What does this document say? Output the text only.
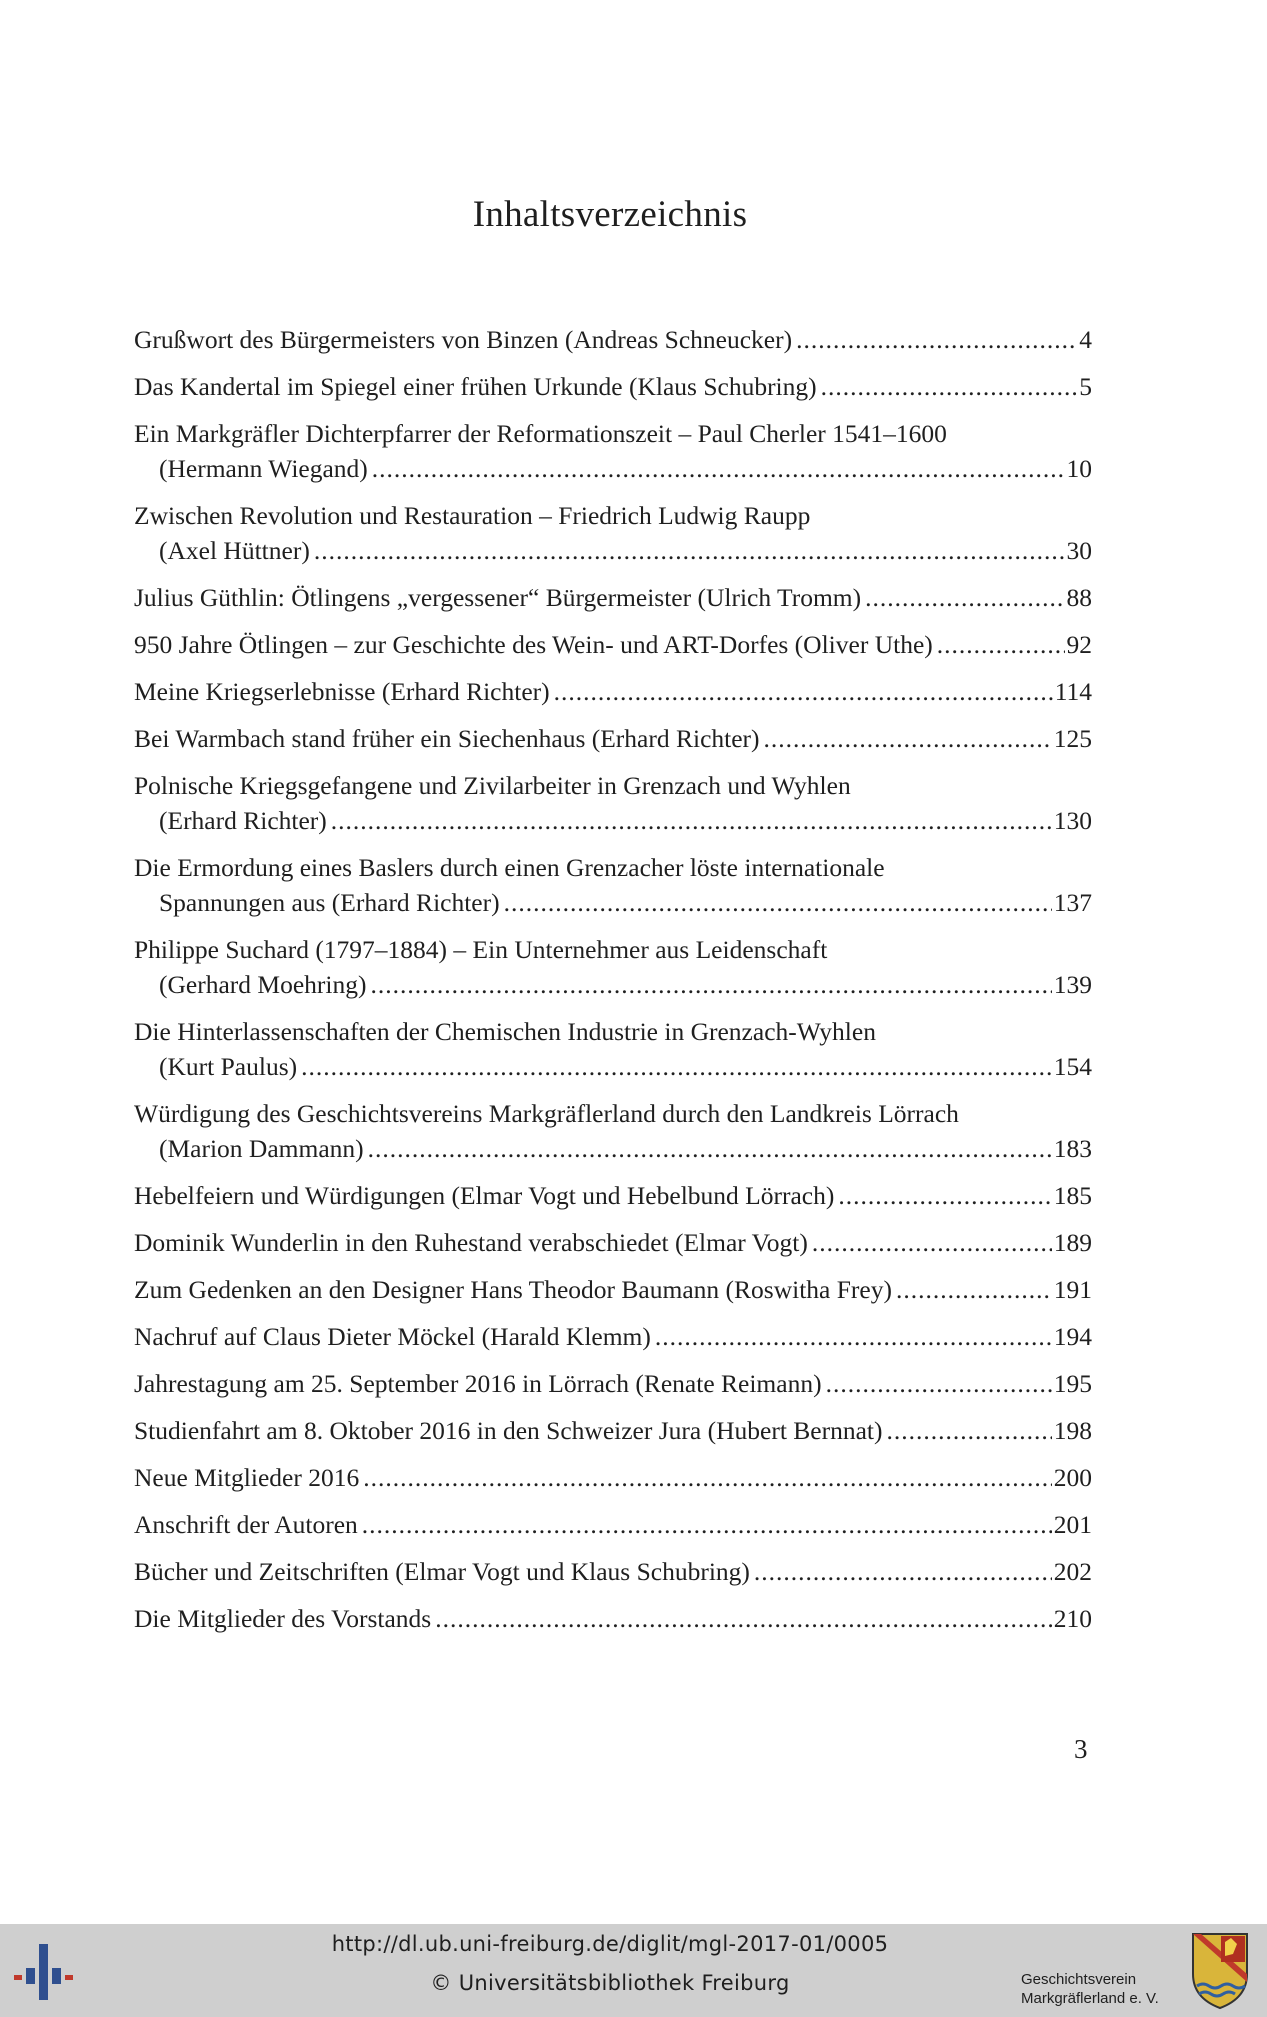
Inhaltsverzeichnis
Grußwort des Bürgermeisters von Binzen (Andreas Schneucker) .....	4
Das Kandertal im Spiegel einer frühen Urkunde (Klaus Schubring) .....	5
Ein Markgräfler Dichterpfarrer der Reformationszeit – Paul Cherler 1541–1600
(Hermann Wiegand) .....	10
Zwischen Revolution und Restauration – Friedrich Ludwig Raupp
(Axel Hüttner) .....	30
Julius Güthlin: Ötlingens „vergessener“ Bürgermeister (Ulrich Tromm) .....	88
950 Jahre Ötlingen – zur Geschichte des Wein- und ART-Dorfes (Oliver Uthe) .....	92
Meine Kriegserlebnisse (Erhard Richter) .....	114
Bei Warmbach stand früher ein Siechenhaus (Erhard Richter) .....	125
Polnische Kriegsgefangene und Zivilarbeiter in Grenzach und Wyhlen
(Erhard Richter) .....	130
Die Ermordung eines Baslers durch einen Grenzacher löste internationale
Spannungen aus (Erhard Richter) .....	137
Philippe Suchard (1797–1884) – Ein Unternehmer aus Leidenschaft
(Gerhard Moehring) .....	139
Die Hinterlassenschaften der Chemischen Industrie in Grenzach-Wyhlen
(Kurt Paulus) .....	154
Würdigung des Geschichtsvereins Markgräflerland durch den Landkreis Lörrach
(Marion Dammann) .....	183
Hebelfeiern und Würdigungen (Elmar Vogt und Hebelbund Lörrach) .....	185
Dominik Wunderlin in den Ruhestand verabschiedet (Elmar Vogt) .....	189
Zum Gedenken an den Designer Hans Theodor Baumann (Roswitha Frey) .....	191
Nachruf auf Claus Dieter Möckel (Harald Klemm) .....	194
Jahrestagung am 25. September 2016 in Lörrach (Renate Reimann) .....	195
Studienfahrt am 8. Oktober 2016 in den Schweizer Jura (Hubert Bernnat) .....	198
Neue Mitglieder 2016 .....	200
Anschrift der Autoren .....	201
Bücher und Zeitschriften (Elmar Vogt und Klaus Schubring) .....	202
Die Mitglieder des Vorstands .....	210
3
http://dl.ub.uni-freiburg.de/diglit/mgl-2017-01/0005
© Universitätsbibliothek Freiburg	Geschichtsverein
Markgräflerland e. V.
